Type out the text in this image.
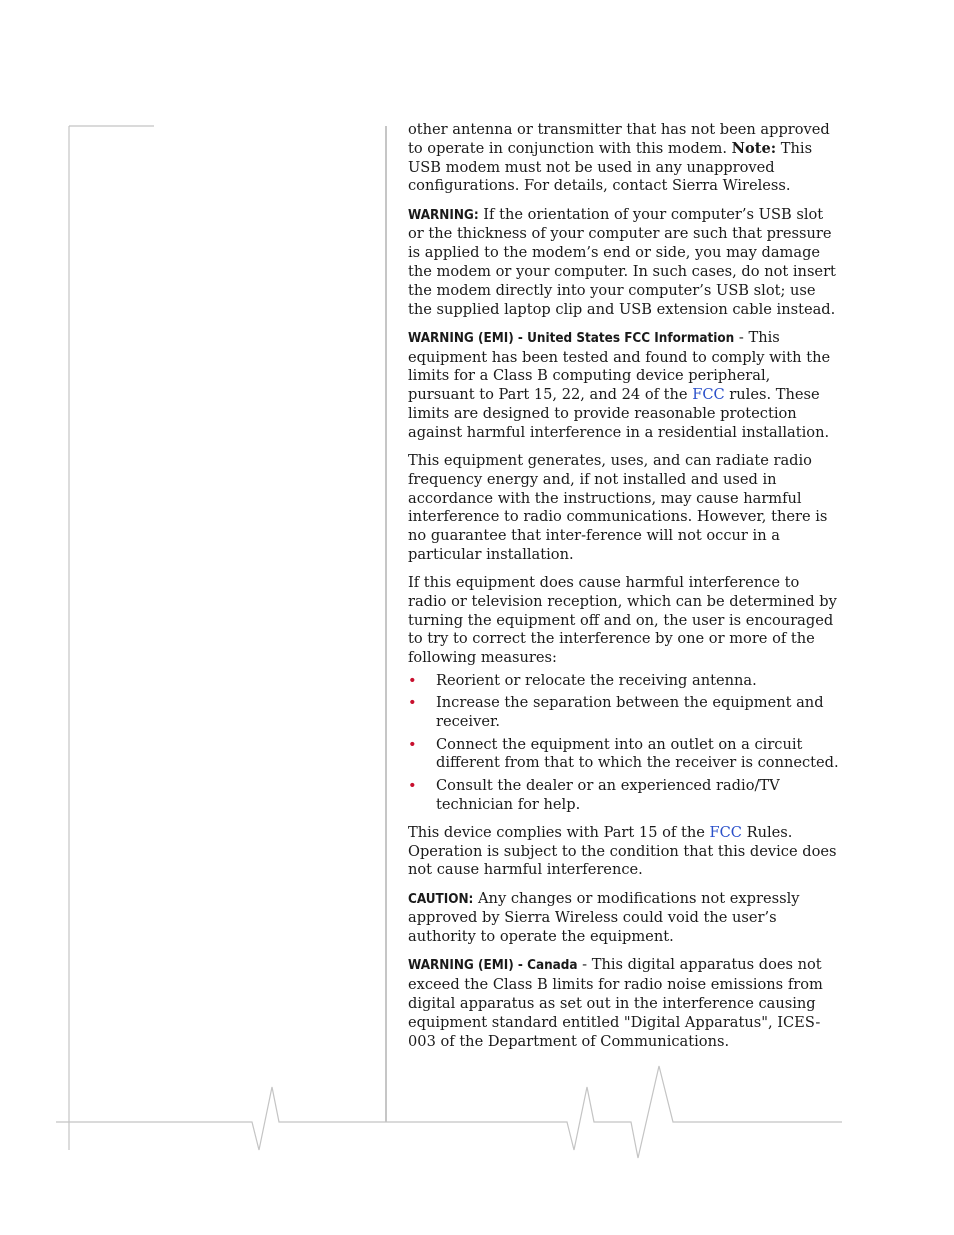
other antenna or transmitter that has not been approved to operate in conjunction with this modem. Note: This USB modem must not be used in any unapproved configurations. For details, contact Sierra Wireless.

WARNING: If the orientation of your computer’s USB slot or the thickness of your computer are such that pressure is applied to the modem’s end or side, you may damage the modem or your computer. In such cases, do not insert the modem directly into your computer’s USB slot; use the supplied laptop clip and USB extension cable instead.

WARNING (EMI) - United States FCC Information - This equipment has been tested and found to comply with the limits for a Class B computing device peripheral, pursuant to Part 15, 22, and 24 of the FCC rules. These limits are designed to provide reasonable protection against harmful interference in a residential installation.

This equipment generates, uses, and can radiate radio frequency energy and, if not installed and used in accordance with the instructions, may cause harmful interference to radio communications. However, there is no guarantee that inter-ference will not occur in a particular installation.

If this equipment does cause harmful interference to radio or television reception, which can be determined by turning the equipment off and on, the user is encouraged to try to correct the interference by one or more of the following measures:

• Reorient or relocate the receiving antenna.
• Increase the separation between the equipment and receiver.
• Connect the equipment into an outlet on a circuit different from that to which the receiver is connected.
• Consult the dealer or an experienced radio/TV technician for help.

This device complies with Part 15 of the FCC Rules. Operation is subject to the condition that this device does not cause harmful interference.

CAUTION: Any changes or modifications not expressly approved by Sierra Wireless could void the user’s authority to operate the equipment.

WARNING (EMI) - Canada - This digital apparatus does not exceed the Class B limits for radio noise emissions from digital apparatus as set out in the interference causing equipment standard entitled "Digital Apparatus", ICES-003 of the Department of Communications.
